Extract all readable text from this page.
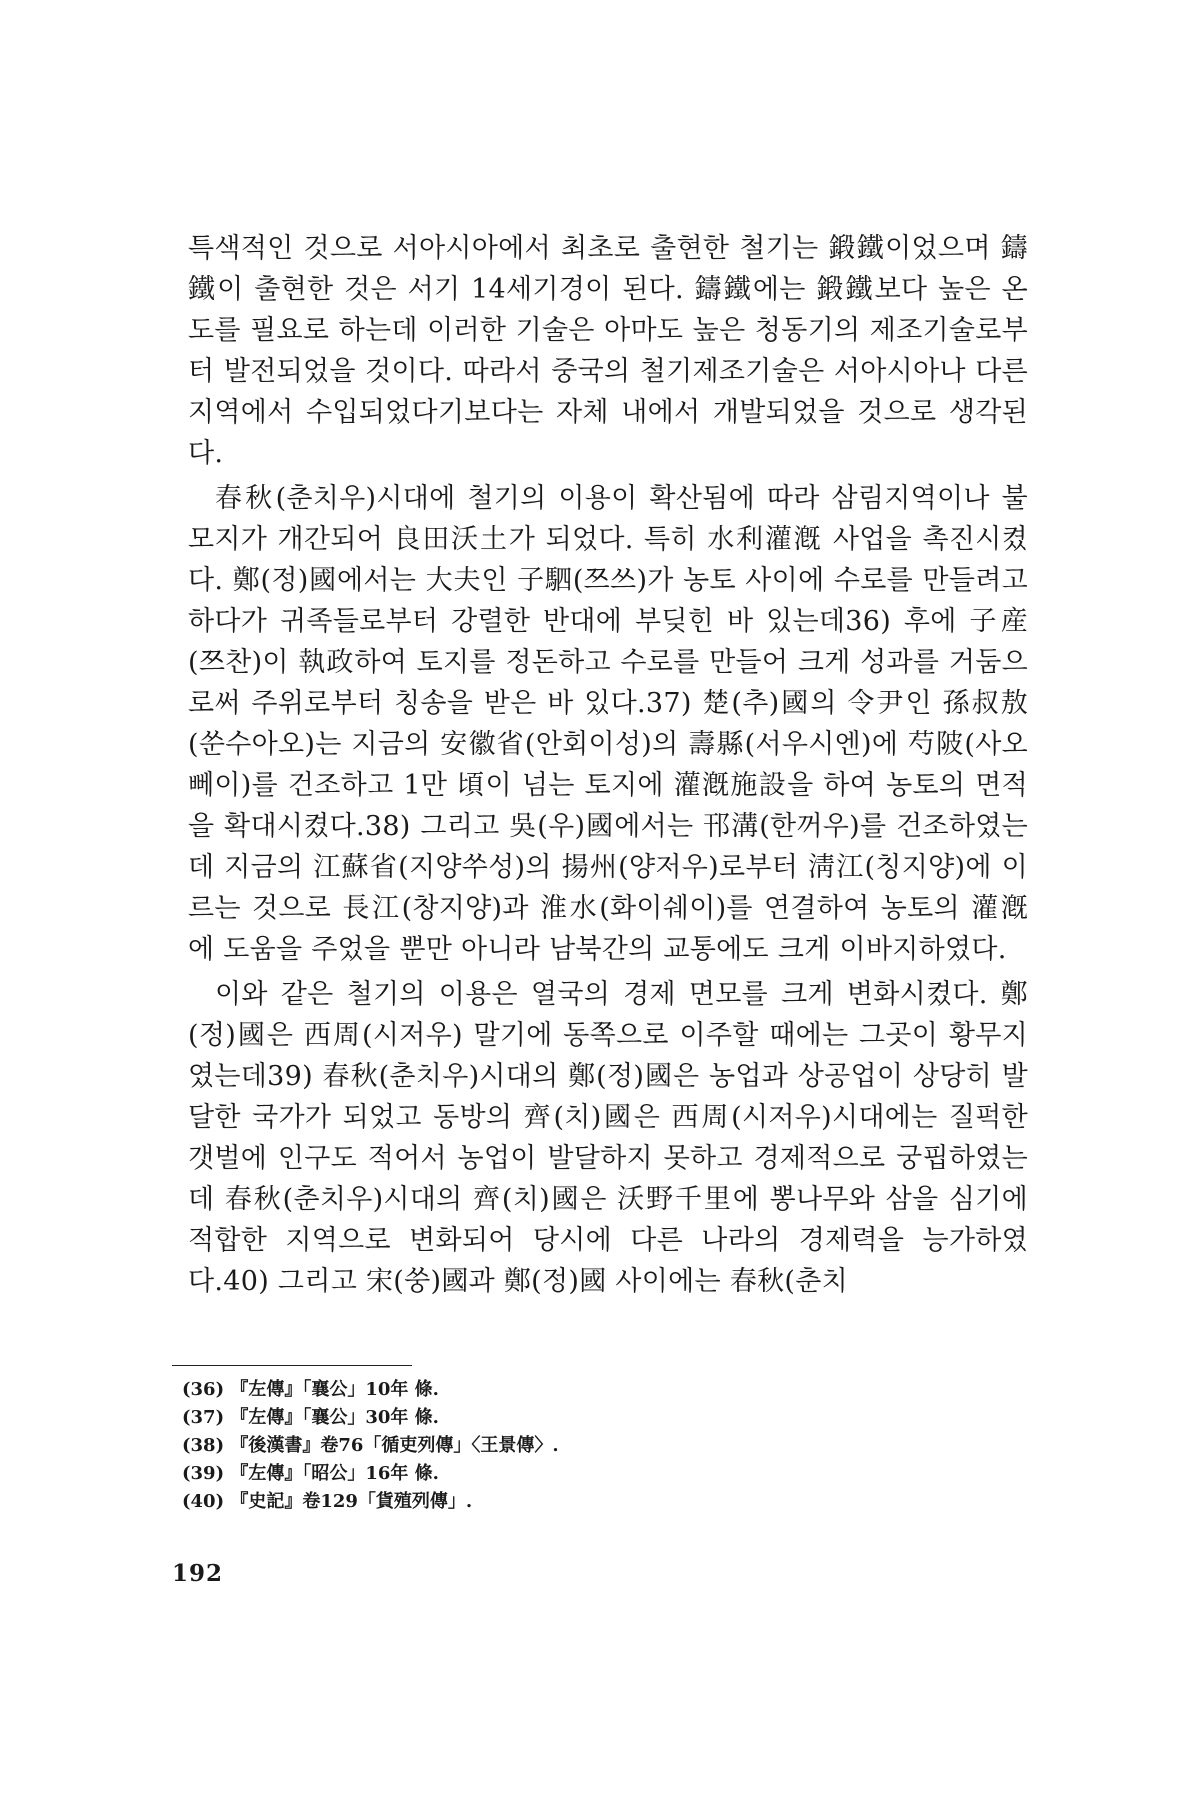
특색적인 것으로 서아시아에서 최초로 출현한 철기는 鍛鐵이었으며 鑄鐵이 출현한 것은 서기 14세기경이 된다. 鑄鐵에는 鍛鐵보다 높은 온도를 필요로 하는데 이러한 기술은 아마도 높은 청동기의 제조기술로부터 발전되었을 것이다. 따라서 중국의 철기제조기술은 서아시아나 다른 지역에서 수입되었다기보다는 자체 내에서 개발되었을 것으로 생각된다.

春秋(춘치우)시대에 철기의 이용이 확산됨에 따라 삼림지역이나 불모지가 개간되어 良田沃土가 되었다. 특히 水利灌漑 사업을 촉진시켰다. 鄭(정)國에서는 大夫인 子駟(쯔쓰)가 농토 사이에 수로를 만들려고 하다가 귀족들로부터 강렬한 반대에 부딪힌 바 있는데36) 후에 子産(쯔찬)이 執政하여 토지를 정돈하고 수로를 만들어 크게 성과를 거둠으로써 주위로부터 칭송을 받은 바 있다.37) 楚(추)國의 令尹인 孫叔敖(쑨수아오)는 지금의 安徽省(안회이성)의 壽縣(서우시엔)에 芍陂(사오뻬이)를 건조하고 1만 頃이 넘는 토지에 灌漑施設을 하여 농토의 면적을 확대시켰다.38) 그리고 吳(우)國에서는 邗溝(한꺼우)를 건조하였는데 지금의 江蘇省(지양쑤성)의 揚州(양저우)로부터 淸江(칭지양)에 이르는 것으로 長江(창지양)과 淮水(화이쉐이)를 연결하여 농토의 灌漑에 도움을 주었을 뿐만 아니라 남북간의 교통에도 크게 이바지하였다.

이와 같은 철기의 이용은 열국의 경제 면모를 크게 변화시켰다. 鄭(정)國은 西周(시저우) 말기에 동쪽으로 이주할 때에는 그곳이 황무지였는데39) 春秋(춘치우)시대의 鄭(정)國은 농업과 상공업이 상당히 발달한 국가가 되었고 동방의 齊(치)國은 西周(시저우)시대에는 질퍽한 갯벌에 인구도 적어서 농업이 발달하지 못하고 경제적으로 궁핍하였는데 春秋(춘치우)시대의 齊(치)國은 沃野千里에 뽕나무와 삼을 심기에 적합한 지역으로 변화되어 당시에 다른 나라의 경제력을 능가하였다.40) 그리고 宋(쑹)國과 鄭(정)國 사이에는 春秋(춘치

(36) 『左傳』「襄公」10年 條.
(37) 『左傳』「襄公」30年 條.
(38) 『後漢書』卷76「循吏列傳」〈王景傳〉.
(39) 『左傳』「昭公」16年 條.
(40) 『史記』卷129「貨殖列傳」.
192
